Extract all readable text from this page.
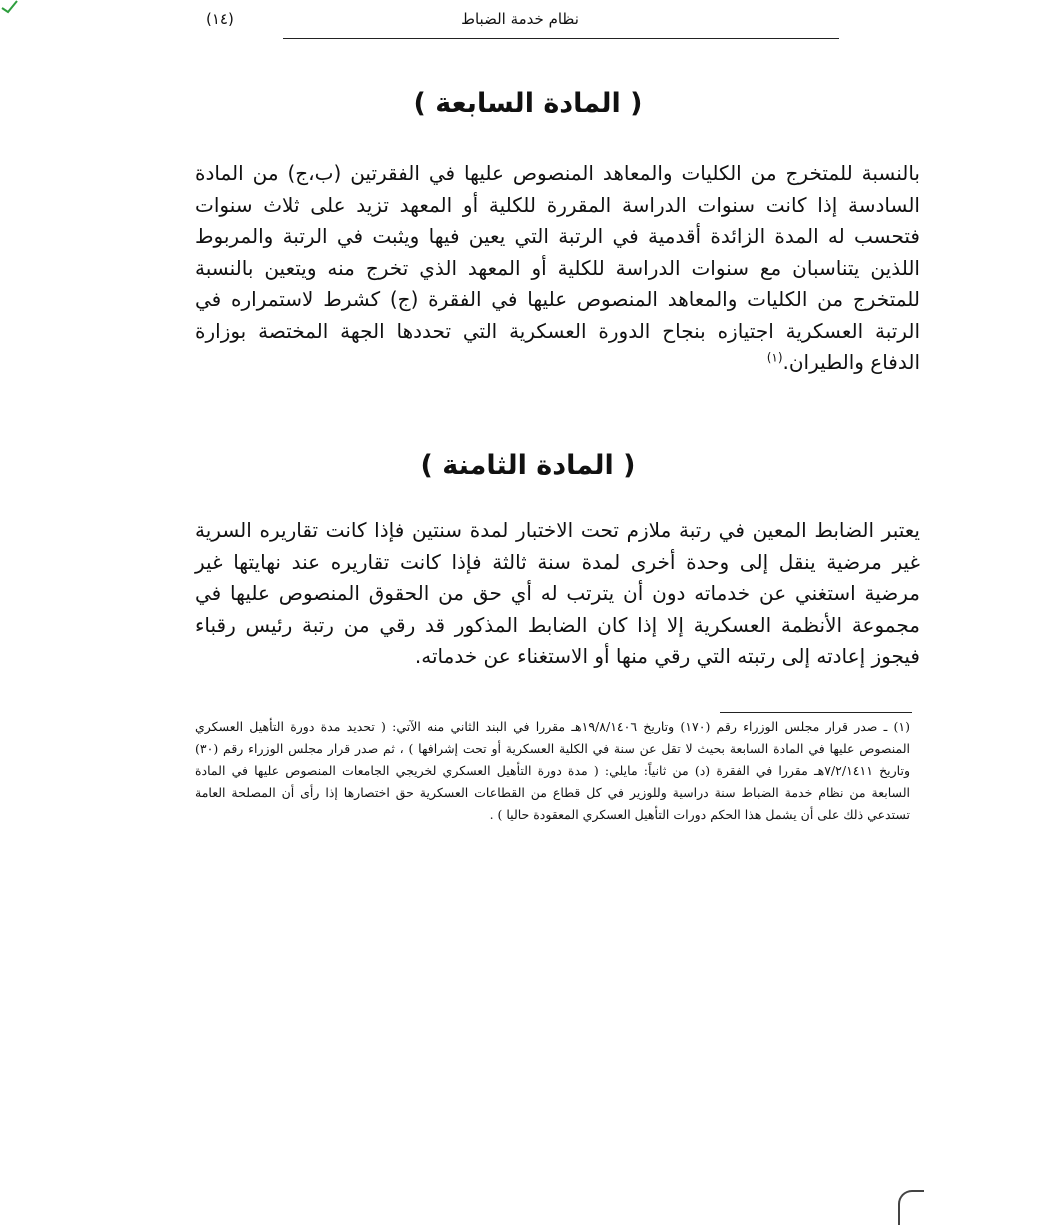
نظام خدمة الضباط
(١٤)
( المادة السابعة )
بالنسبة للمتخرج من الكليات والمعاهد المنصوص عليها في الفقرتين (ب،ج) من المادة السادسة إذا كانت سنوات الدراسة المقررة للكلية أو المعهد تزيد على ثلاث سنوات فتحسب له المدة الزائدة أقدمية في الرتبة التي يعين فيها ويثبت في الرتبة والمربوط اللذين يتناسبان مع سنوات الدراسة للكلية أو المعهد الذي تخرج منه ويتعين بالنسبة للمتخرج من الكليات والمعاهد المنصوص عليها في الفقرة (ج) كشرط لاستمراره في الرتبة العسكرية اجتيازه بنجاح الدورة العسكرية التي تحددها الجهة المختصة بوزارة الدفاع والطيران.$^{(١)}$
( المادة الثامنة )
يعتبر الضابط المعين في رتبة ملازم تحت الاختبار لمدة سنتين فإذا كانت تقاريره السرية غير مرضية ينقل إلى وحدة أخرى لمدة سنة ثالثة فإذا كانت تقاريره عند نهايتها غير مرضية استغني عن خدماته دون أن يترتب له أي حق من الحقوق المنصوص عليها في مجموعة الأنظمة العسكرية إلا إذا كان الضابط المذكور قد رقي من رتبة رئيس رقباء فيجوز إعادته إلى رتبته التي رقي منها أو الاستغناء عن خدماته.
(١) ـ صدر قرار مجلس الوزراء رقم (١٧٠) وتاريخ ١٩/٨/١٤٠٦هـ مقررا في البند الثاني منه الآتي: ( تحديد مدة دورة التأهيل العسكري المنصوص عليها في المادة السابعة بحيث لا تقل عن سنة في الكلية العسكرية أو تحت إشرافها ) ، ثم صدر قرار مجلس الوزراء رقم (٣٠) وتاريخ ٧/٢/١٤١١هـ مقررا في الفقرة (د) من ثانياً: مايلي: ( مدة دورة التأهيل العسكري لخريجي الجامعات المنصوص عليها في المادة السابعة من نظام خدمة الضباط سنة دراسية وللوزير في كل قطاع من القطاعات العسكرية حق اختصارها إذا رأى أن المصلحة العامة تستدعي ذلك على أن يشمل هذا الحكم دورات التأهيل العسكري المعقودة حاليا ) .
